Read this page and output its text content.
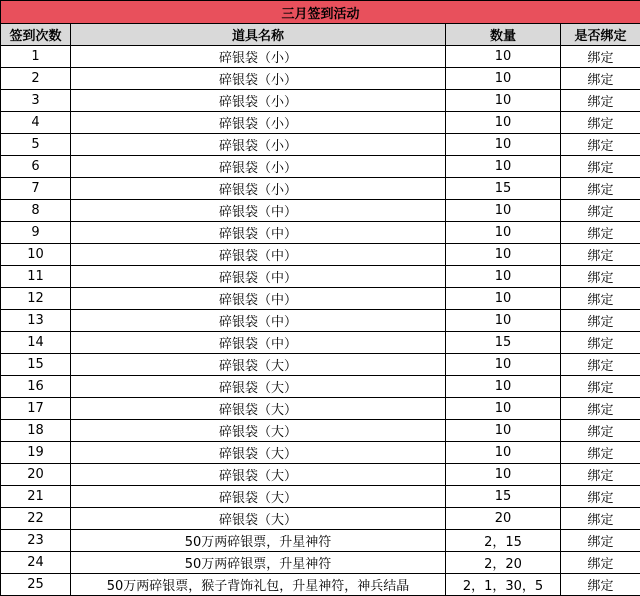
三月签到活动			
签到次数	道具名称	数量	是否绑定
1	碎银袋（小）	10	绑定
2	碎银袋（小）	10	绑定
3	碎银袋（小）	10	绑定
4	碎银袋（小）	10	绑定
5	碎银袋（小）	10	绑定
6	碎银袋（小）	10	绑定
7	碎银袋（小）	15	绑定
8	碎银袋（中）	10	绑定
9	碎银袋（中）	10	绑定
10	碎银袋（中）	10	绑定
11	碎银袋（中）	10	绑定
12	碎银袋（中）	10	绑定
13	碎银袋（中）	10	绑定
14	碎银袋（中）	15	绑定
15	碎银袋（大）	10	绑定
16	碎银袋（大）	10	绑定
17	碎银袋（大）	10	绑定
18	碎银袋（大）	10	绑定
19	碎银袋（大）	10	绑定
20	碎银袋（大）	10	绑定
21	碎银袋（大）	15	绑定
22	碎银袋（大）	20	绑定
23	50万两碎银票，升星神符	2，15	绑定
24	50万两碎银票，升星神符	2，20	绑定
25	50万两碎银票，猴子背饰礼包，升星神符，神兵结晶	2，1，30，5	绑定
